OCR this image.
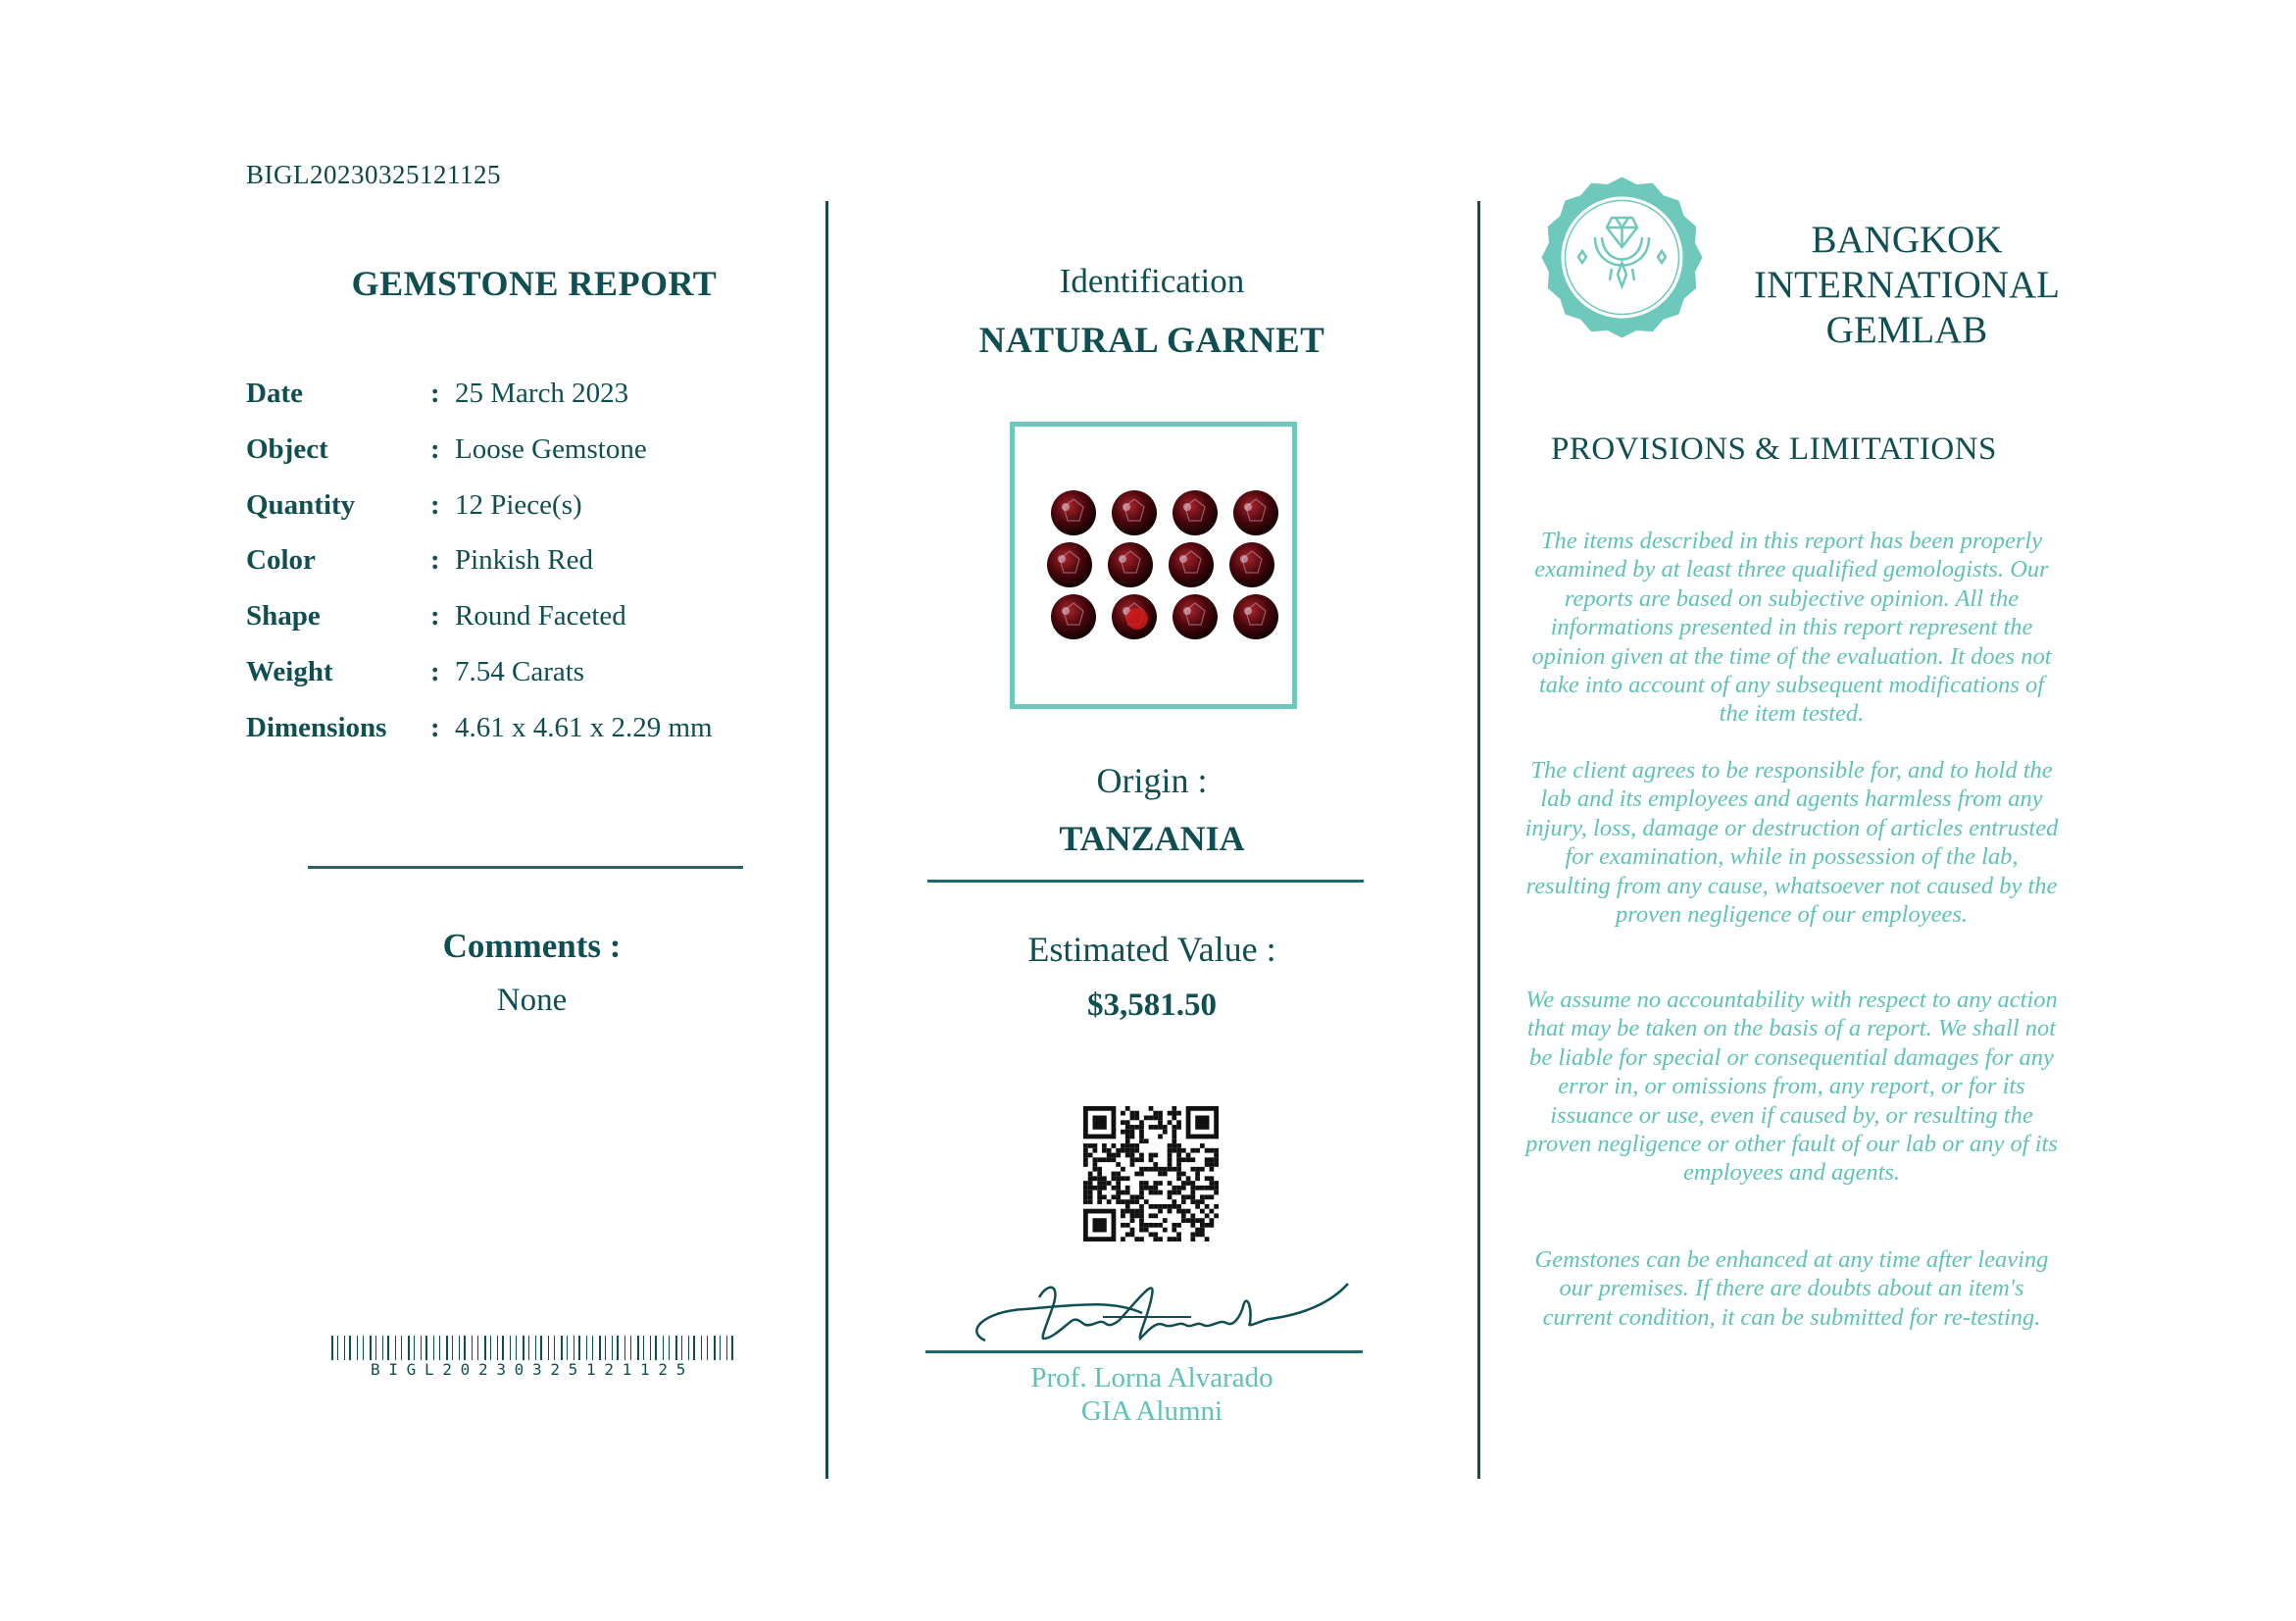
BIGL20230325121125
GEMSTONE REPORT
Date	: 25 March 2023
Object	: Loose Gemstone
Quantity	: 12 Piece(s)
Color	: Pinkish Red
Shape	: Round Faceted
Weight	: 7.54 Carats
Dimensions	: 4.61 x 4.61 x 2.29 mm
Comments :
None
BIGL20230325121125
Identification
NATURAL GARNET
Origin :
TANZANIA
Estimated Value :
$3,581.50
Prof. Lorna Alvarado
GIA Alumni
BANGKOK
INTERNATIONAL
GEMLAB
PROVISIONS & LIMITATIONS
The items described in this report has been properly examined by at least three qualified gemologists. Our reports are based on subjective opinion. All the informations presented in this report represent the opinion given at the time of the evaluation. It does not take into account of any subsequent modifications of the item tested.
The client agrees to be responsible for, and to hold the lab and its employees and agents harmless from any injury, loss, damage or destruction of articles entrusted for examination, while in possession of the lab, resulting from any cause, whatsoever not caused by the proven negligence of our employees.
We assume no accountability with respect to any action that may be taken on the basis of a report. We shall not be liable for special or consequential damages for any error in, or omissions from, any report, or for its issuance or use, even if caused by, or resulting the proven negligence or other fault of our lab or any of its employees and agents.
Gemstones can be enhanced at any time after leaving our premises. If there are doubts about an item's current condition, it can be submitted for re-testing.
